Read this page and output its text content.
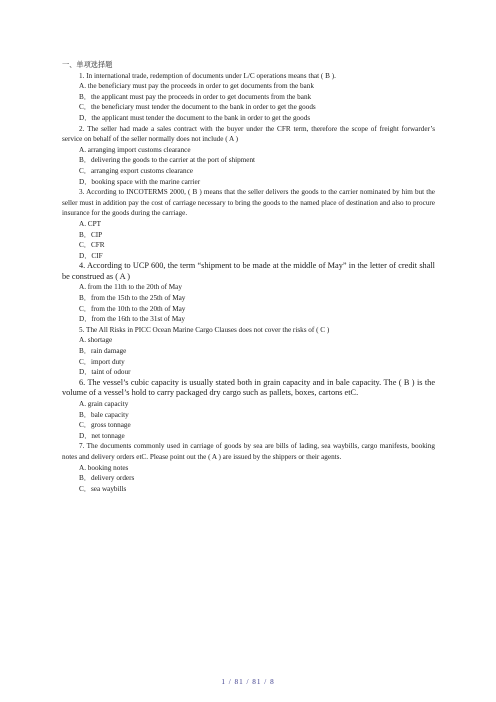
一、单项选择题
1. In international trade, redemption of documents under L/C operations means that ( B ).
A. the beneficiary must pay the proceeds in order to get documents from the bank
B．the applicant must pay the proceeds in order to get documents from the bank
C．the beneficiary must tender the document to the bank in order to get the goods
D．the applicant must tender the document to the bank in order to get the goods
2. The seller had made a sales contract with the buyer under the CFR term, therefore the scope of freight forwarder’s service on behalf of the seller normally does not include ( A )
A. arranging import customs clearance
B．delivering the goods to the carrier at the port of shipment
C．arranging export customs clearance
D．booking space with the marine carrier
3. According to INCOTERMS 2000, ( B ) means that the seller delivers the goods to the carrier nominated by him but the seller must in addition pay the cost of carriage necessary to bring the goods to the named place of destination and also to procure insurance for the goods during the carriage.
A. CPT
B．CIP
C．CFR
D．CIF
4. According to UCP 600, the term “shipment to be made at the middle of May” in the letter of credit shall be construed as ( A )
A. from the 11th to the 20th of May
B．from the 15th to the 25th of May
C．from the 10th to the 20th of May
D．from the 16th to the 31st of May
5. The All Risks in PICC Ocean Marine Cargo Clauses does not cover the risks of ( C )
A. shortage
B．rain damage
C．import duty
D．taint of odour
6. The vessel’s cubic capacity is usually stated both in grain capacity and in bale capacity. The ( B ) is the volume of a vessel’s hold to carry packaged dry cargo such as pallets, boxes, cartons etC.
A. grain capacity
B．bale capacity
C．gross tonnage
D．net tonnage
7. The documents commonly used in carriage of goods by sea are bills of lading, sea waybills, cargo manifests, booking notes and delivery orders etC. Please point out the ( A ) are issued by the shippers or their agents.
A. booking notes
B．delivery orders
C．sea waybills
1 / 81 / 81 / 8
